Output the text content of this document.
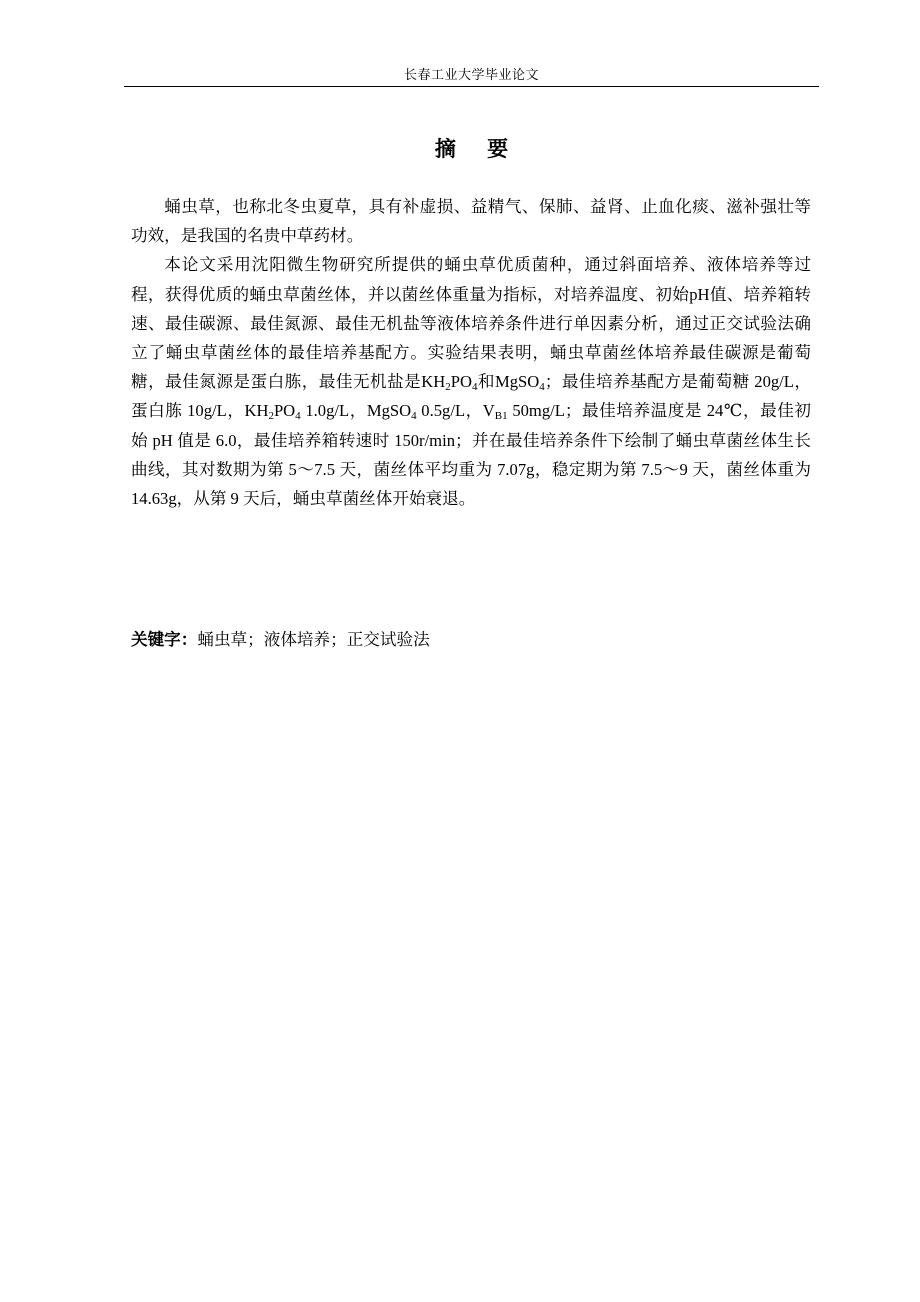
长春工业大学毕业论文
摘 要

蛹虫草，也称北冬虫夏草，具有补虚损、益精气、保肺、益肾、止血化痰、滋补强壮等功效，是我国的名贵中草药材。

本论文采用沈阳微生物研究所提供的蛹虫草优质菌种，通过斜面培养、液体培养等过程，获得优质的蛹虫草菌丝体，并以菌丝体重量为指标，对培养温度、初始pH值、培养箱转速、最佳碳源、最佳氮源、最佳无机盐等液体培养条件进行单因素分析，通过正交试验法确立了蛹虫草菌丝体的最佳培养基配方。实验结果表明，蛹虫草菌丝体培养最佳碳源是葡萄糖，最佳氮源是蛋白胨，最佳无机盐是$KH_2PO_4$和MgSO$_4$；最佳培养基配方是葡萄糖 20g/L，蛋白胨 10g/L，$KH_2PO_4$ 1.0g/L，MgSO$_4$ 0.5g/L，$V_{B1}$ 50mg/L；最佳培养温度是 24℃，最佳初始 pH 值是 6.0，最佳培养箱转速时 150r/min；并在最佳培养条件下绘制了蛹虫草菌丝体生长曲线，其对数期为第 5～7.5 天，菌丝体平均重为 7.07g，稳定期为第 7.5～9 天，菌丝体重为 14.63g，从第 9 天后，蛹虫草菌丝体开始衰退。

关键字：蛹虫草；液体培养；正交试验法
